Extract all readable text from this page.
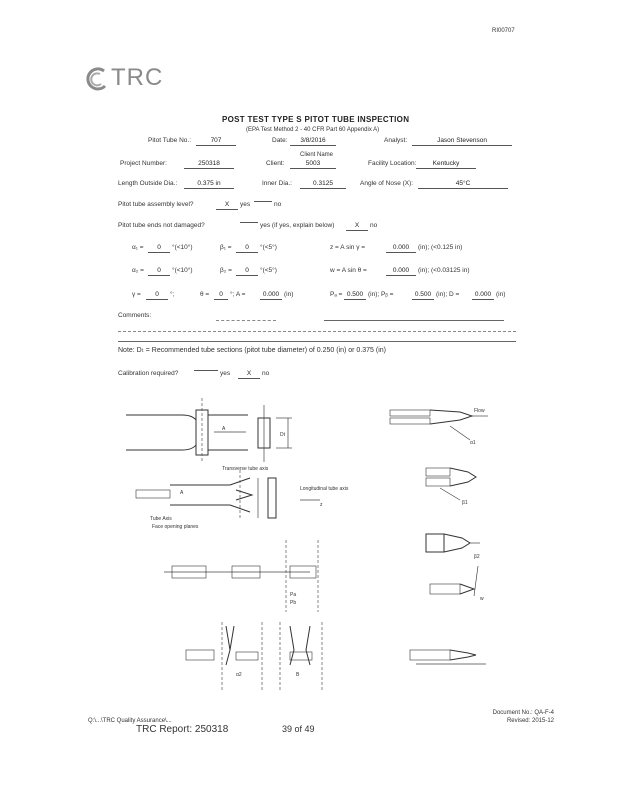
RI00707
TRC
POST TEST TYPE S PITOT TUBE INSPECTION
(EPA Test Method 2 - 40 CFR Part 60 Appendix A)
Pitot Tube No.:	707	Date:	3/8/2016	Analyst:	Jason Stevenson
Client Name
Project Number:	250318	Client:	5003	Facility Location:	Kentucky
Length Outside Dia.:	0.375 in	Inner Dia.:	0.3125	Angle of Nose (X):	45°C
Pitot tube assembly level?	X	yes	no
Pitot tube ends not damaged?	yes (if yes, explain below)	X	no
α₁ =	0	°(<10°)	β₁ =	0	°(<5°)	z = A sin γ =	0.000	(in); (<0.125 in)
α₂ =	0	°(<10°)	β₂ =	0	°(<5°)	w = A sin θ =	0.000	(in); (<0.03125 in)
γ =	0	°;	θ =	0	°; A =	0.000 (in)	Pₐ = 0.500 (in); Pᵦ =	0.500 (in); D =	0.000 (in)
Comments:
Note: Dₜ = Recommended tube sections (pitot tube diameter) of 0.250 (in) or 0.375 (in)
Calibration required?	yes	X	no
A
Dt
Flow
α1
Transverse tube axis
A
Tube Axis
Face opening planes
Longitudinal tube axis
z	β1
β2
w
Pa
Pb
α2	B
Q:\...\TRC Quality Assurance\...
TRC Report: 250318	39 of 49
Document No.: QA-F-4
Revised: 2015-12
